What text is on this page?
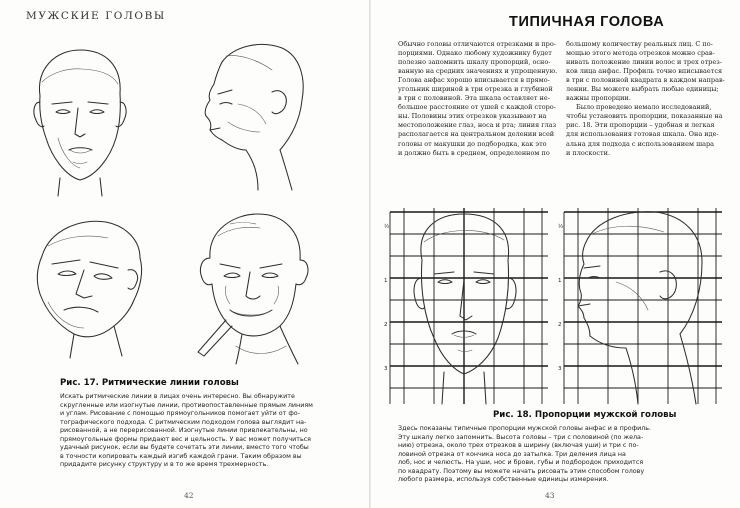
МУЖСКИЕ ГОЛОВЫ
Рис. 17. Ритмические линии головы
Искать ритмические линии в лицах очень интересно. Вы обнаружите
скругленные или изогнутые линии, противопоставленные прямым линиям
и углам. Рисование с помощью прямоугольников помогает уйти от фо-
тографического подхода. С ритмическим подходом голова выглядит на-
рисованной, а не перерисованной. Изогнутые линии привлекательны, но
прямоугольные формы придают вес и цельность. У вас может получиться
удачный рисунок, если вы будете сочетать эти линии, вместо того чтобы
в точности копировать каждый изгиб каждой грани. Таким образом вы
придадите рисунку структуру и в то же время трехмерность.
42
ТИПИЧНАЯ ГОЛОВА
Обычно головы отличаются отрезками и про-
порциями. Однако любому художнику будет
полезно запомнить шкалу пропорций, осно-
ванную на средних значениях и упрощенную.
Голова анфас хорошо вписывается в прямо-
угольник шириной в три отрезка и глубиной
в три с половиной. Эта шкала оставляет не-
большое расстояние от ушей с каждой сторо-
ны. Половины этих отрезков указывают на
местоположение глаз, носа и рта; линия глаз
располагается на центральном делении всей
головы от макушки до подбородка, как это
и должно быть в среднем, определенном по
большому количеству реальных лиц. С по-
мощью этого метода отрезков можно срав-
нивать положение линии волос и трех отрез-
ков лица анфас. Профиль точно вписывается
в три с половиной квадрата в каждом направ-
лении. Вы можете выбрать любые единицы;
важны пропорции.
Было проведено немало исследований,
чтобы установить пропорции, показанные на
рис. 18. Эти пропорции – удобная и легкая
для использования готовая шкала. Она иде-
альна для подхода с использованием шара
и плоскости.
½
1
2
3
½
1
2
3
Рис. 18. Пропорции мужской головы
Здесь показаны типичные пропорции мужской головы анфас и в профиль.
Эту шкалу легко запомнить. Высота головы – три с половиной (по жела-
нию) отрезка, около трех отрезков в ширину (включая уши) и три с по-
ловиной отрезка от кончика носа до затылка. Три деления лица на
лоб, нос и челюсть. На уши, нос и брови, губы и подбородок приходится
по квадрату. Поэтому вы можете начать рисовать этим способом голову
любого размера, используя собственные единицы измерения.
43
